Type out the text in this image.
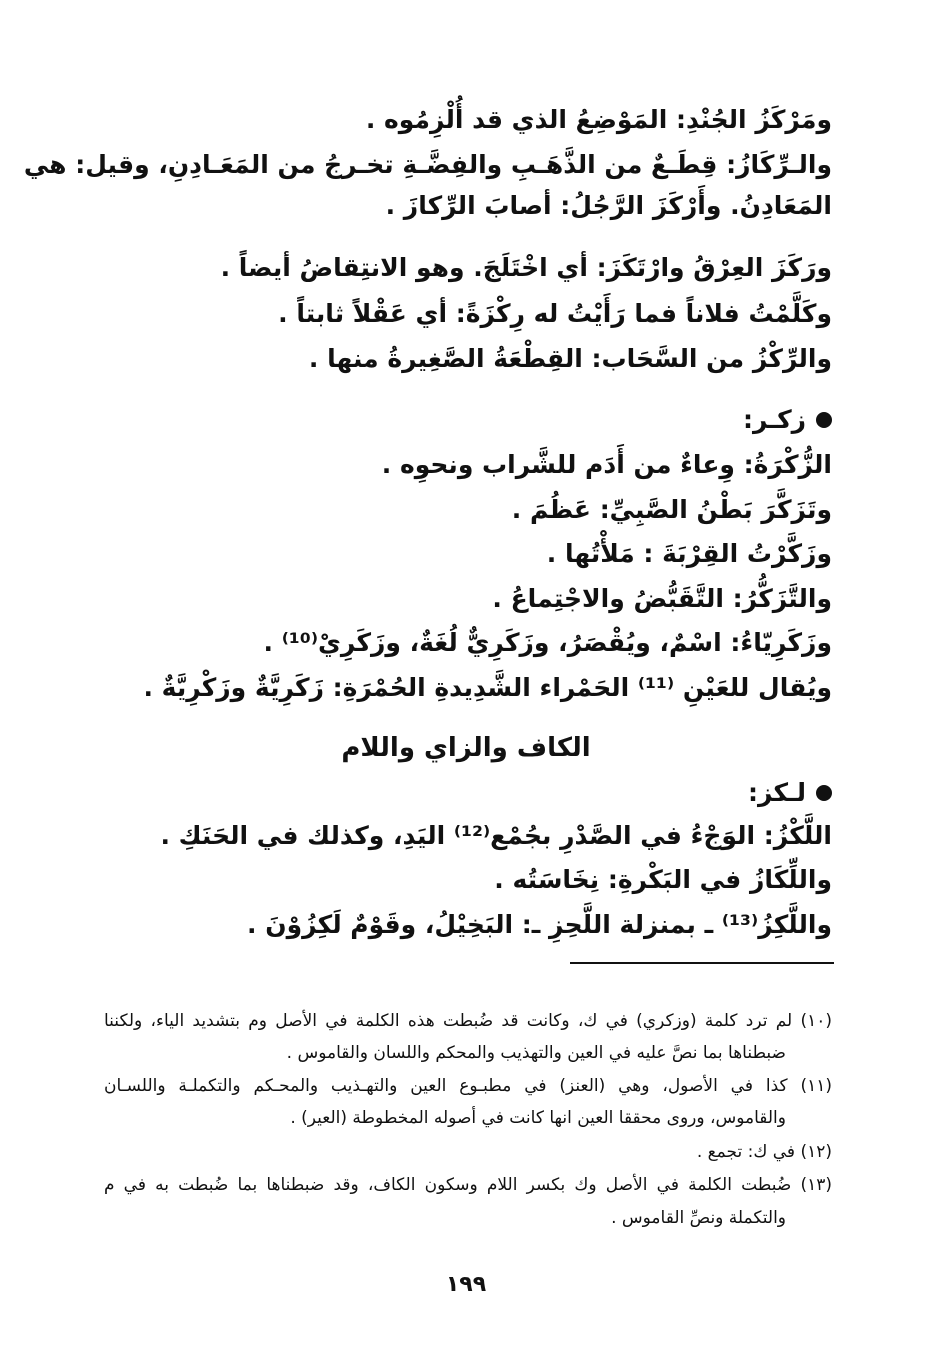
ومَرْكَزُ الجُنْدِ: المَوْضِعُ الذي قد أُلْزِمُوه .
والـرِّكَازُ: قِطَـعٌ من الذَّهَـبِ والفِضَّـةِ تخـرجُ من المَعَـادِنِ، وقيل: هي
المَعَادِنُ. وأَرْكَزَ الرَّجُلُ: أصابَ الرِّكازَ .
ورَكَزَ العِرْقُ وارْتَكَزَ: أي اخْتَلَجَ. وهو الانتِقاضُ أيضاً .
وكَلَّمْتُ فلاناً فما رَأَيْتُ له رِكْزَةً: أي عَقْلاً ثابتاً .
والرِّكْزُ من السَّحَاب: القِطْعَةُ الصَّغِيرةُ منها .
زكـر:
الزُّكْرَةُ: وِعاءٌ من أَدَم للشَّراب ونحوِه .
وتَزَكَّرَ بَطْنُ الصَّبِيِّ: عَظُمَ .
وزَكَّرْتُ القِرْبَةَ : مَلأْتُها .
والتَّزَكُّرُ: التَّقَبُّضُ والاجْتِماعُ .
وزَكَرِيّاءُ: اسْمٌ، ويُقْصَرُ، وزَكَرِيٌّ لُغَةٌ، وزَكَرِيْ⁽¹⁰⁾ .
ويُقال للعَيْنِ ⁽¹¹⁾ الحَمْراء الشَّدِيدةِ الحُمْرَةِ: زَكَرِيَّةٌ وزَكْرِيَّةٌ .
الكاف والزاي واللام
لـكز:
اللَّكْزُ: الوَجْءُ في الصَّدْرِ بجُمْع⁽¹²⁾ اليَدِ، وكذلك في الحَنَكِ .
واللِّكَازُ في البَكْرةِ: نِخَاسَتُه .
واللَّكِزُ⁽¹³⁾ ـ بمنزلة اللَّحِزِ ـ: البَخِيْلُ، وقَوْمٌ لَكِزُوْنَ .
(١٠) لم ترد كلمة (وزكري) في ك، وكانت قد ضُبطت هذه الكلمة في الأصل وم بتشديد الياء، ولكننا
ضبطناها بما نصَّ عليه في العين والتهذيب والمحكم واللسان والقاموس .
(١١) كذا في الأصول، وهي (العنز) في مطبـوع العين والتهـذيب والمحـكم والتكملـة واللسـان
والقاموس، وروى محققا العين انها كانت في أصوله المخطوطة (العير) .
(١٢) في ك: تجمع .
(١٣) ضُبطت الكلمة في الأصل وك بكسر اللام وسكون الكاف، وقد ضبطناها بما ضُبطت به في م
والتكملة ونصِّ القاموس .
١٩٩
